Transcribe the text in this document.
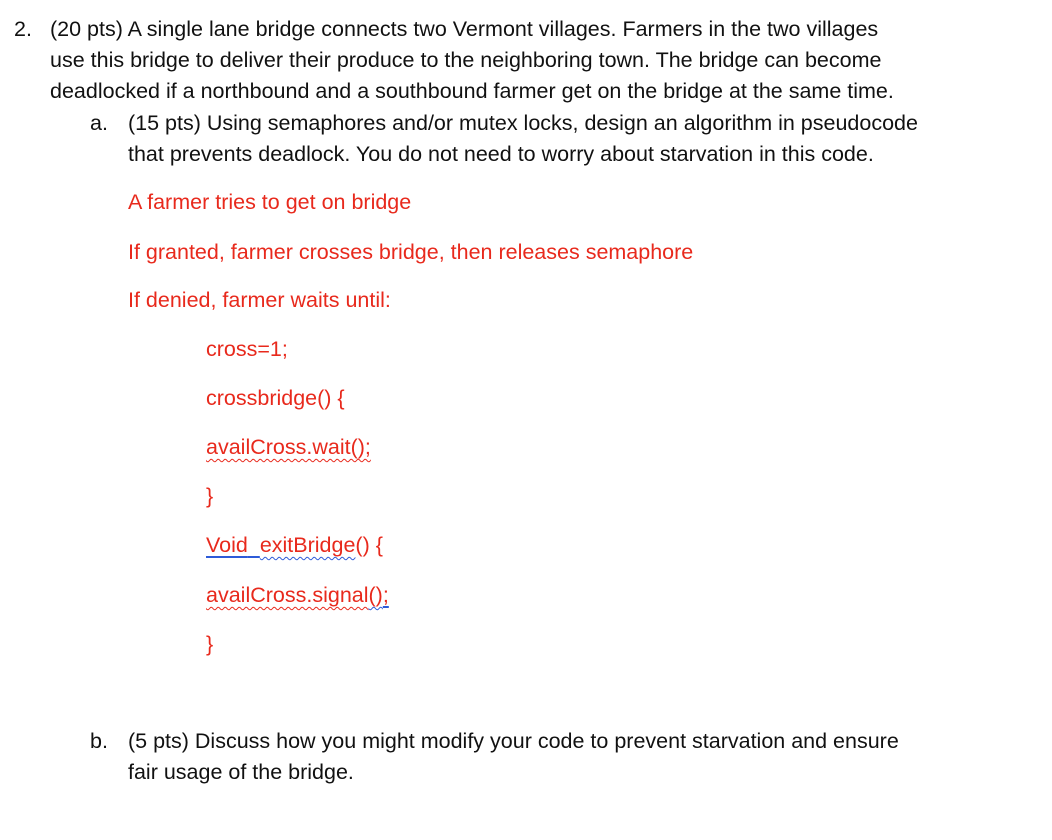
2. (20 pts) A single lane bridge connects two Vermont villages. Farmers in the two villages
use this bridge to deliver their produce to the neighboring town. The bridge can become
deadlocked if a northbound and a southbound farmer get on the bridge at the same time.
a. (15 pts) Using semaphores and/or mutex locks, design an algorithm in pseudocode
that prevents deadlock. You do not need to worry about starvation in this code.
A farmer tries to get on bridge
If granted, farmer crosses bridge, then releases semaphore
If denied, farmer waits until:
cross=1;
crossbridge() {
availCross.wait();
}
Void exitBridge() {
availCross.signal();
}
b. (5 pts) Discuss how you might modify your code to prevent starvation and ensure
fair usage of the bridge.
